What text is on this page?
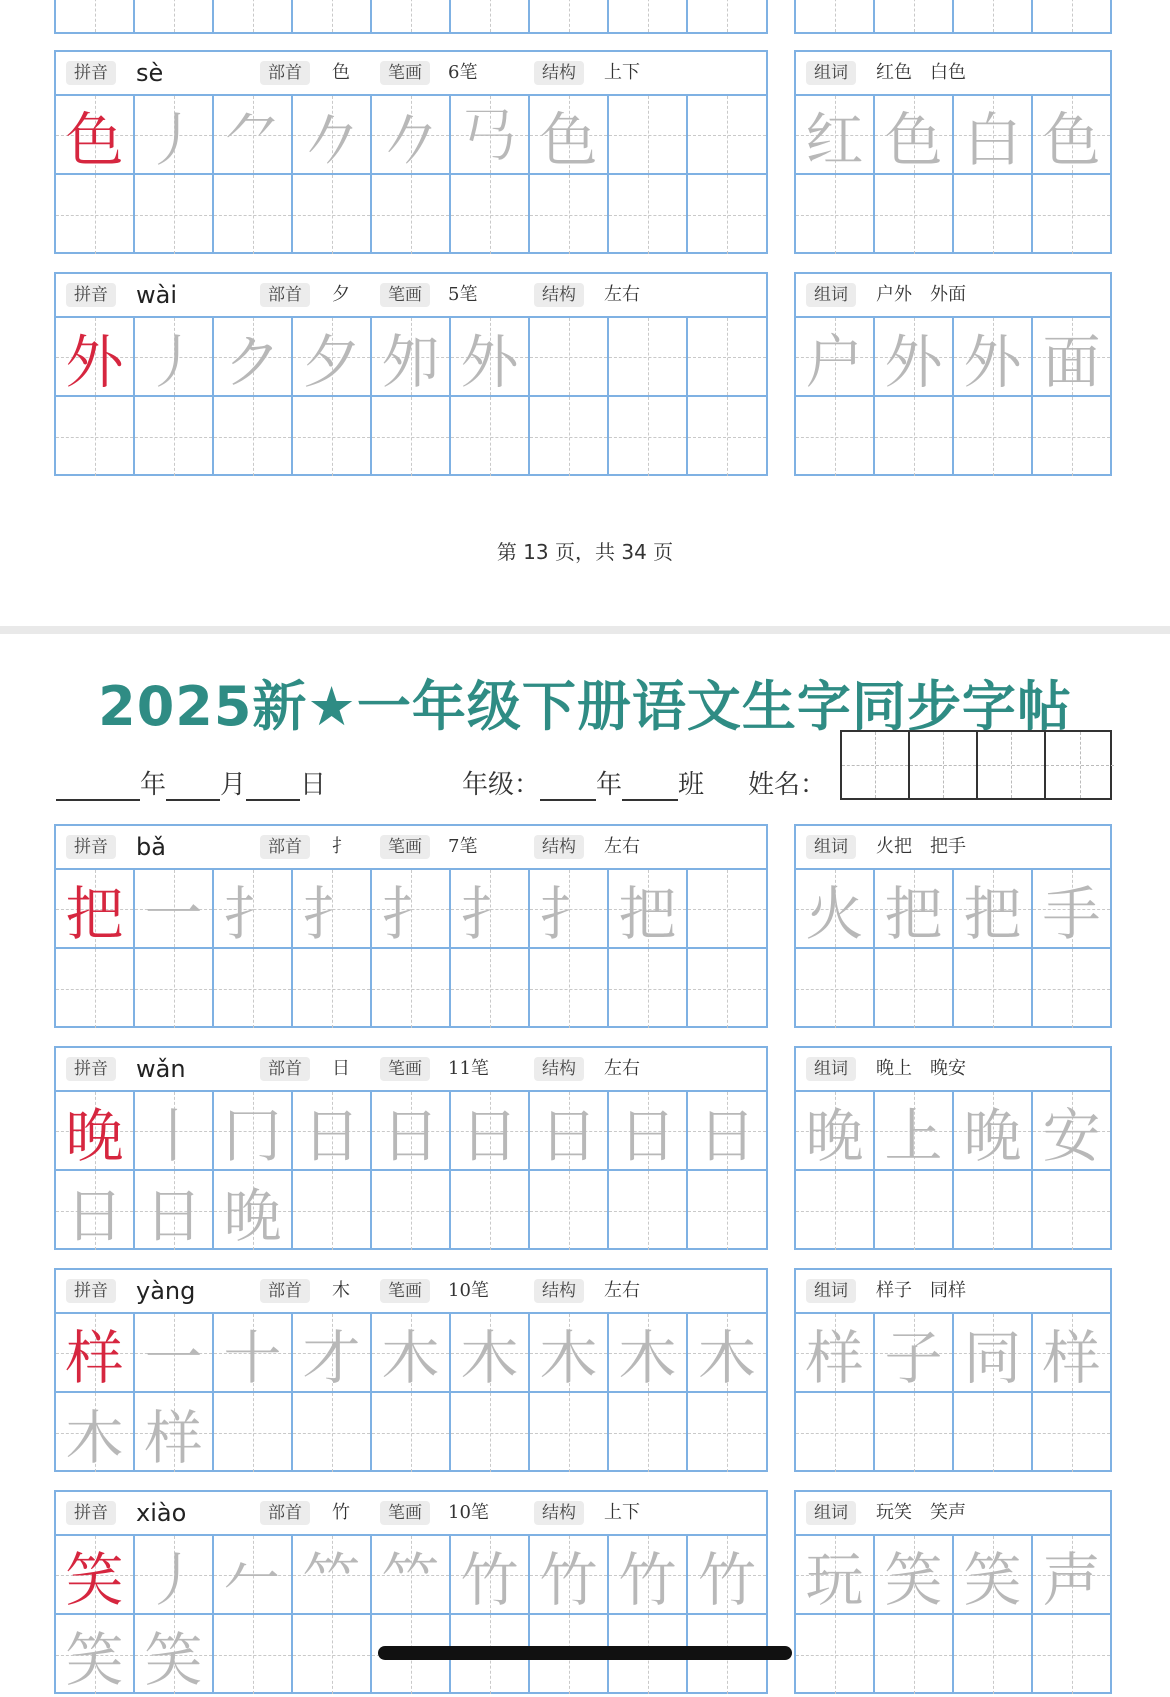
拼音	sè	部首	色	笔画	6笔	结构	上下
色 丿 ⺈ 𠂊 𠂊 𢎘 色
组词	红色　白色
红 色 白 色
拼音	wài	部首	夕	笔画	5笔	结构	左右
外 丿 ク 夕 夘 外
组词	户外　外面
户 外 外 面
2025新★一年级下册语文生字同步字帖
年 月 日	年级： 年 班 姓名：
拼音	bǎ	部首	扌	笔画	7笔	结构	左右
把 一 扌 扌 扌 扌 扌 把
组词	火把　把手
火 把 把 手
拼音	wǎn	部首	日	笔画	11笔	结构	左右
晚 丨 冂 日 日 日 日 日 日
日 日 晚
组词	晚上　晚安
晚 上 晚 安
拼音	yàng	部首	木	笔画	10笔	结构	左右
样 一 十 才 木 木 木 木 木
木 样
组词	样子　同样
样 子 同 样
拼音	xiào	部首	竹	笔画	10笔	结构	上下
笑 丿 𠂉 𥫗 𥫗 竹 竹 竹 竹
笑 笑
组词	玩笑　笑声
玩 笑 笑 声
第 13 页，共 34 页
